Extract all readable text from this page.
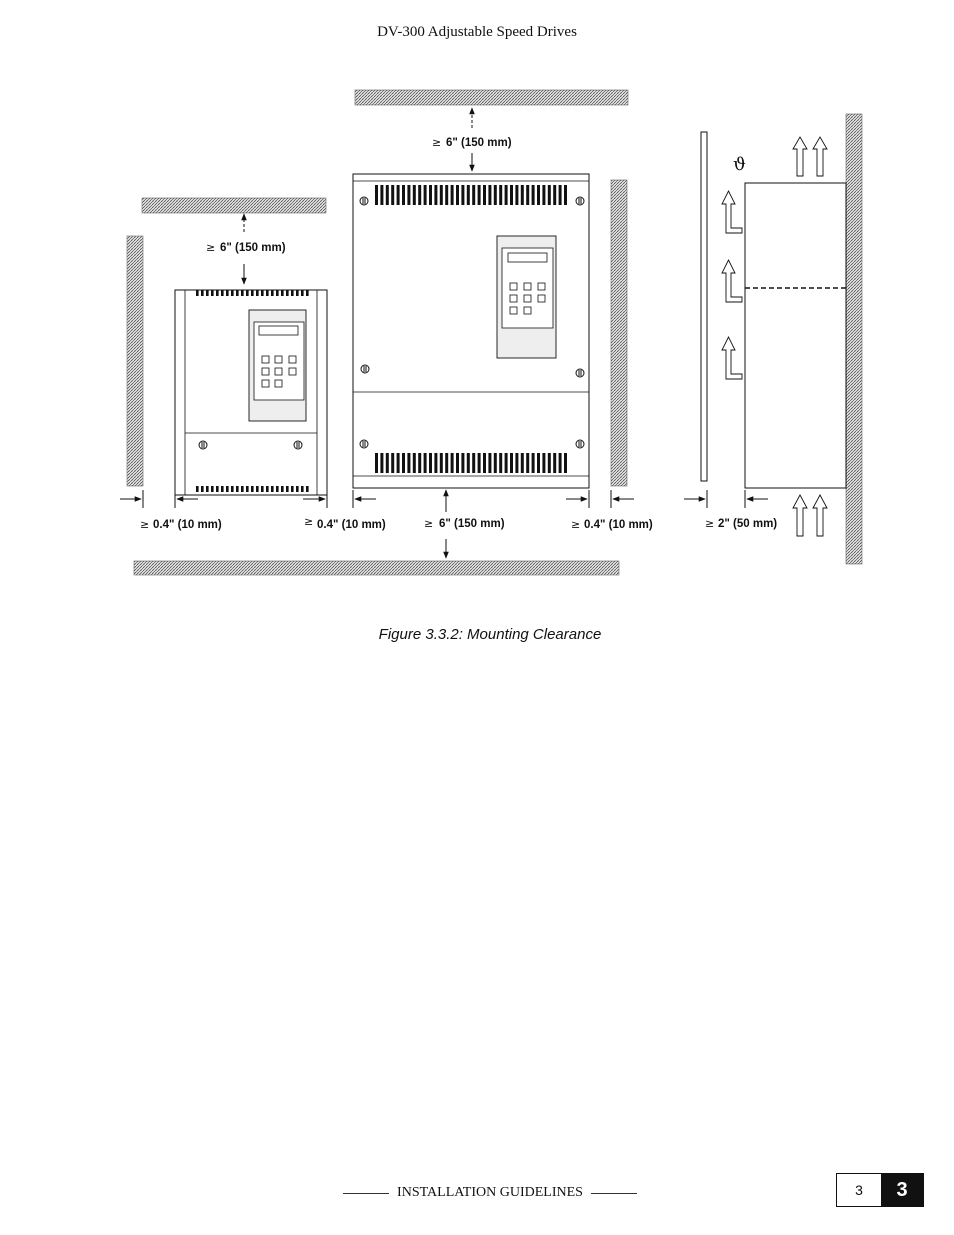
DV-300 Adjustable Speed Drives
ϑ
≥ 6" (150 mm)
≥ 6" (150 mm)
≥ 0.4" (10 mm)	≥ 0.4" (10 mm)	≥ 6" (150 mm)	≥ 0.4" (10 mm)	≥ 2" (50 mm)
Figure 3.3.2: Mounting Clearance
INSTALLATION GUIDELINES	3	3
